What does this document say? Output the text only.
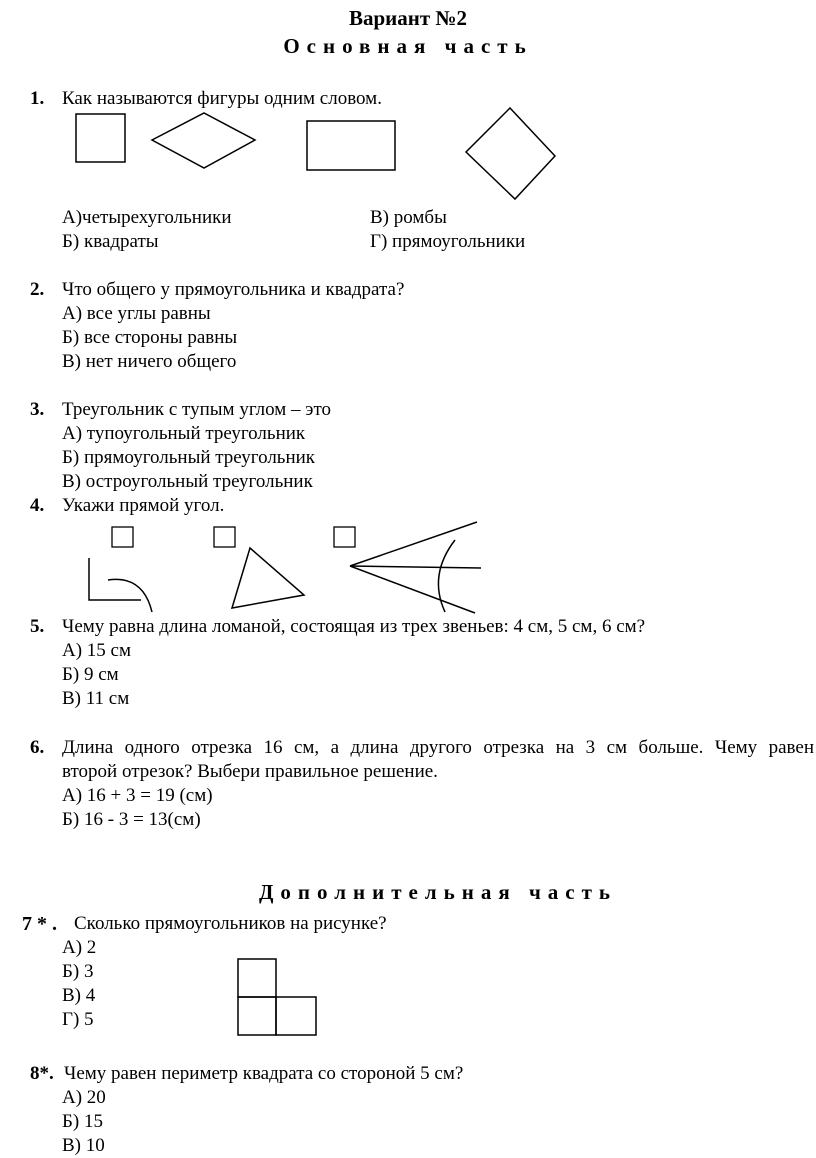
Вариант №2
Основная часть
1. Как называются фигуры одним словом.
А)четырехугольники
Б) квадраты
В) ромбы
Г) прямоугольники
2. Что общего у прямоугольника и квадрата?
А) все углы равны
Б) все стороны равны
В) нет ничего общего
3. Треугольник с тупым углом – это
А) тупоугольный треугольник
Б) прямоугольный треугольник
В) остроугольный треугольник
4. Укажи прямой угол.
5. Чему равна длина ломаной, состоящая из трех звеньев: 4 см, 5 см, 6 см?
А) 15 см
Б) 9 см
В) 11 см
6. Длина одного отрезка 16 см, а длина другого отрезка на 3 см больше. Чему равен
второй отрезок? Выбери правильное решение.
А) 16 + 3 = 19 (см)
Б) 16 - 3 = 13(см)
Дополнительная часть
7 * . Сколько прямоугольников на рисунке?
А) 2
Б) 3
В) 4
Г) 5
8*. Чему равен периметр квадрата со стороной 5 см?
А) 20
Б) 15
В) 10
